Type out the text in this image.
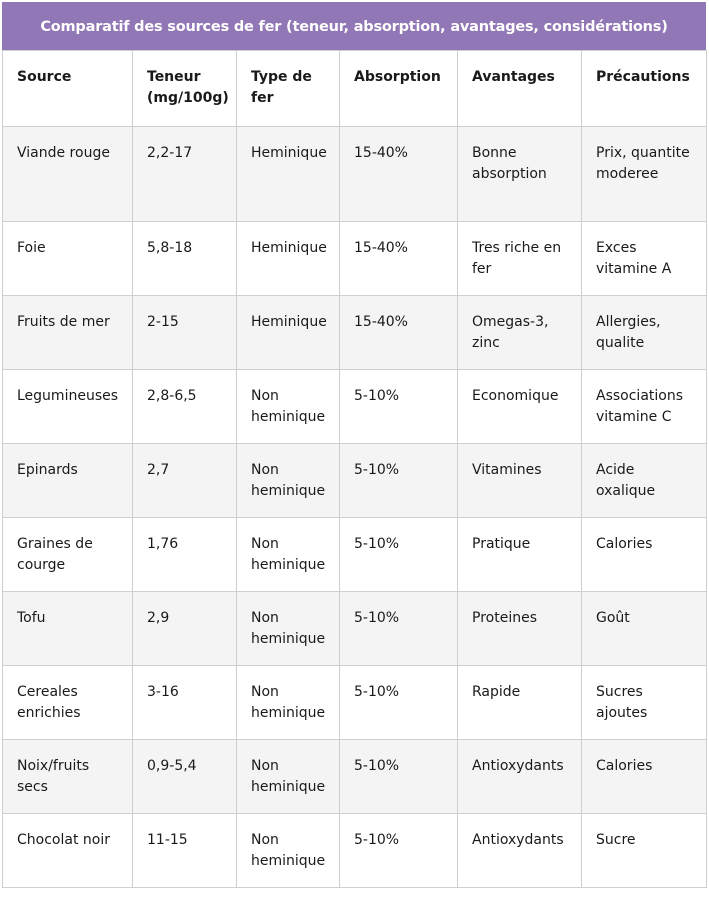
Comparatif des sources de fer (teneur, absorption, avantages, considérations)
Source	Teneur (mg/100g)	Type de fer	Absorption	Avantages	Précautions
Viande rouge	2,2-17	Heminique	15-40%	Bonne absorption	Prix, quantite moderee
Foie	5,8-18	Heminique	15-40%	Tres riche en fer	Exces vitamine A
Fruits de mer	2-15	Heminique	15-40%	Omegas-3, zinc	Allergies, qualite
Legumineuses	2,8-6,5	Non heminique	5-10%	Economique	Associations vitamine C
Epinards	2,7	Non heminique	5-10%	Vitamines	Acide oxalique
Graines de courge	1,76	Non heminique	5-10%	Pratique	Calories
Tofu	2,9	Non heminique	5-10%	Proteines	Goût
Cereales enrichies	3-16	Non heminique	5-10%	Rapide	Sucres ajoutes
Noix/fruits secs	0,9-5,4	Non heminique	5-10%	Antioxydants	Calories
Chocolat noir	11-15	Non heminique	5-10%	Antioxydants	Sucre
